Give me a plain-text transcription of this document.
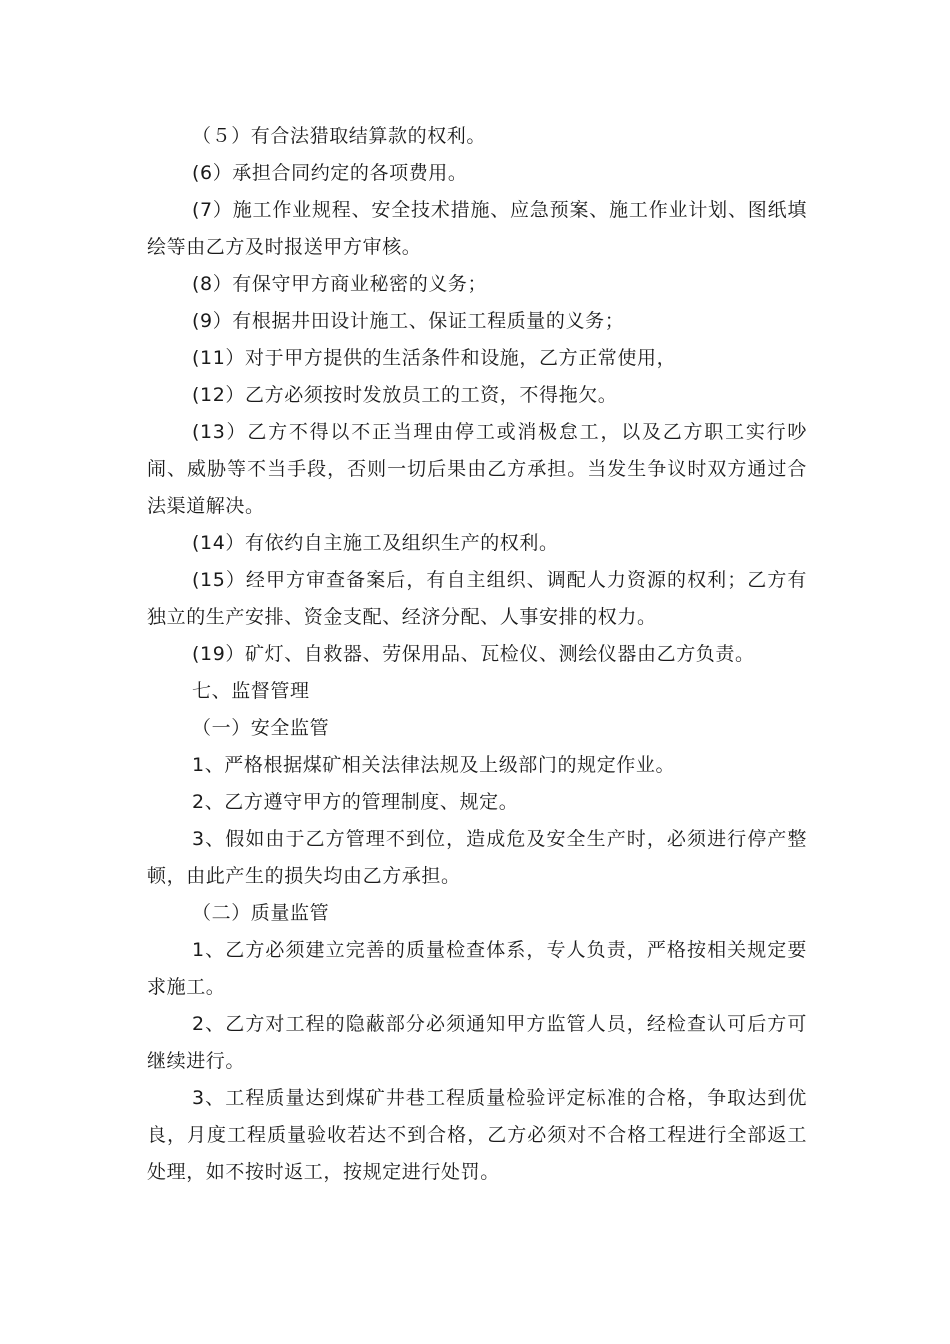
（５）有合法猎取结算款的权利。

(6）承担合同约定的各项费用。

(7）施工作业规程、安全技术措施、应急预案、施工作业计划、图纸填绘等由乙方及时报送甲方审核。

(8）有保守甲方商业秘密的义务；

(9）有根据井田设计施工、保证工程质量的义务；

(11）对于甲方提供的生活条件和设施，乙方正常使用，

(12）乙方必须按时发放员工的工资，不得拖欠。

(13）乙方不得以不正当理由停工或消极怠工，以及乙方职工实行吵闹、威胁等不当手段，否则一切后果由乙方承担。当发生争议时双方通过合法渠道解决。

(14）有依约自主施工及组织生产的权利。

(15）经甲方审查备案后，有自主组织、调配人力资源的权利；乙方有独立的生产安排、资金支配、经济分配、人事安排的权力。

(19）矿灯、自救器、劳保用品、瓦检仪、测绘仪器由乙方负责。

七、监督管理

（一）安全监管

1、严格根据煤矿相关法律法规及上级部门的规定作业。

2、乙方遵守甲方的管理制度、规定。

3、假如由于乙方管理不到位，造成危及安全生产时，必须进行停产整顿，由此产生的损失均由乙方承担。

（二）质量监管

1、乙方必须建立完善的质量检查体系，专人负责，严格按相关规定要求施工。

2、乙方对工程的隐蔽部分必须通知甲方监管人员，经检查认可后方可继续进行。

3、工程质量达到煤矿井巷工程质量检验评定标准的合格，争取达到优良，月度工程质量验收若达不到合格，乙方必须对不合格工程进行全部返工处理，如不按时返工，按规定进行处罚。
